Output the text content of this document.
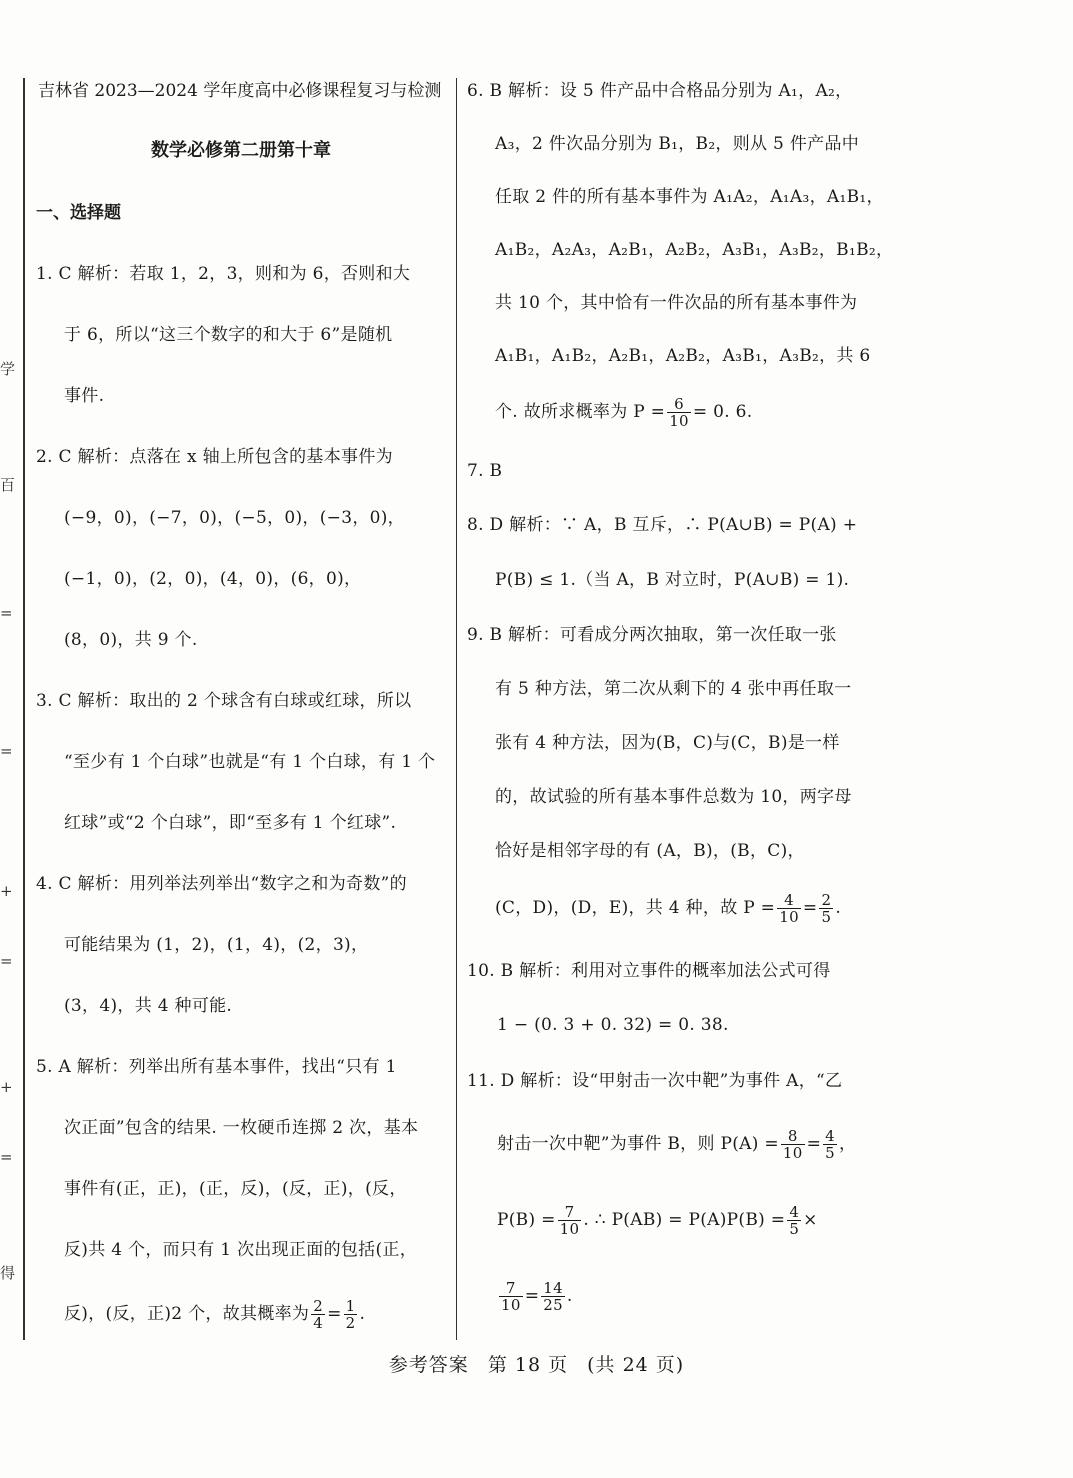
学
百
=
=
+
=
+
=
得
吉林省 2023—2024 学年度高中必修课程复习与检测
数学必修第二册第十章
一、选择题
1. C 解析：若取 1，2，3，则和为 6，否则和大
于 6，所以“这三个数字的和大于 6”是随机
事件.
2. C 解析：点落在 x 轴上所包含的基本事件为
(−9，0)，(−7，0)，(−5，0)，(−3，0)，
(−1，0)，(2，0)，(4，0)，(6，0)，
(8，0)，共 9 个.
3. C 解析：取出的 2 个球含有白球或红球，所以
“至少有 1 个白球”也就是“有 1 个白球，有 1 个
红球”或“2 个白球”，即“至多有 1 个红球”.
4. C 解析：用列举法列举出“数字之和为奇数”的
可能结果为 (1，2)，(1，4)，(2，3)，
(3，4)，共 4 种可能.
5. A 解析：列举出所有基本事件，找出“只有 1
次正面”包含的结果. 一枚硬币连掷 2 次，基本
事件有(正，正)，(正，反)，(反，正)，(反，
反)共 4 个，而只有 1 次出现正面的包括(正，
反)，(反，正)2 个，故其概率为 $\frac{2}{4} = \frac{1}{2}$ .
6. B 解析：设 5 件产品中合格品分别为 A₁，A₂，
A₃，2 件次品分别为 B₁，B₂，则从 5 件产品中
任取 2 件的所有基本事件为 A₁A₂，A₁A₃，A₁B₁，
A₁B₂，A₂A₃，A₂B₁，A₂B₂，A₃B₁，A₃B₂，B₁B₂，
共 10 个，其中恰有一件次品的所有基本事件为
A₁B₁，A₁B₂，A₂B₁，A₂B₂，A₃B₁，A₃B₂，共 6
个. 故所求概率为 $P = \frac{6}{10} = 0$. 6.
7. B
8. D 解析：∵ A，B 互斥，∴ P(A∪B) = P(A) +
P(B) ≤ 1.（当 A，B 对立时，P(A∪B) = 1).
9. B 解析：可看成分两次抽取，第一次任取一张
有 5 种方法，第二次从剩下的 4 张中再任取一
张有 4 种方法，因为(B，C)与(C，B)是一样
的，故试验的所有基本事件总数为 10，两字母
恰好是相邻字母的有 (A，B)，(B，C)，
(C，D)，(D，E)，共 4 种，故 $P = \frac{4}{10} = \frac{2}{5}$ .
10. B 解析：利用对立事件的概率加法公式可得
1 − (0. 3 + 0. 32) = 0. 38.
11. D 解析：设“甲射击一次中靶”为事件 A，“乙
射击一次中靶”为事件 B，则 $P(A) = \frac{8}{10} = \frac{4}{5}$ ，
$P(B) = \frac{7}{10}$ . ∴ $P(AB) = P(A)P(B) = \frac{4}{5}$ ×
$\frac{7}{10} = \frac{14}{25}$ .
参考答案 第 18 页 (共 24 页)
